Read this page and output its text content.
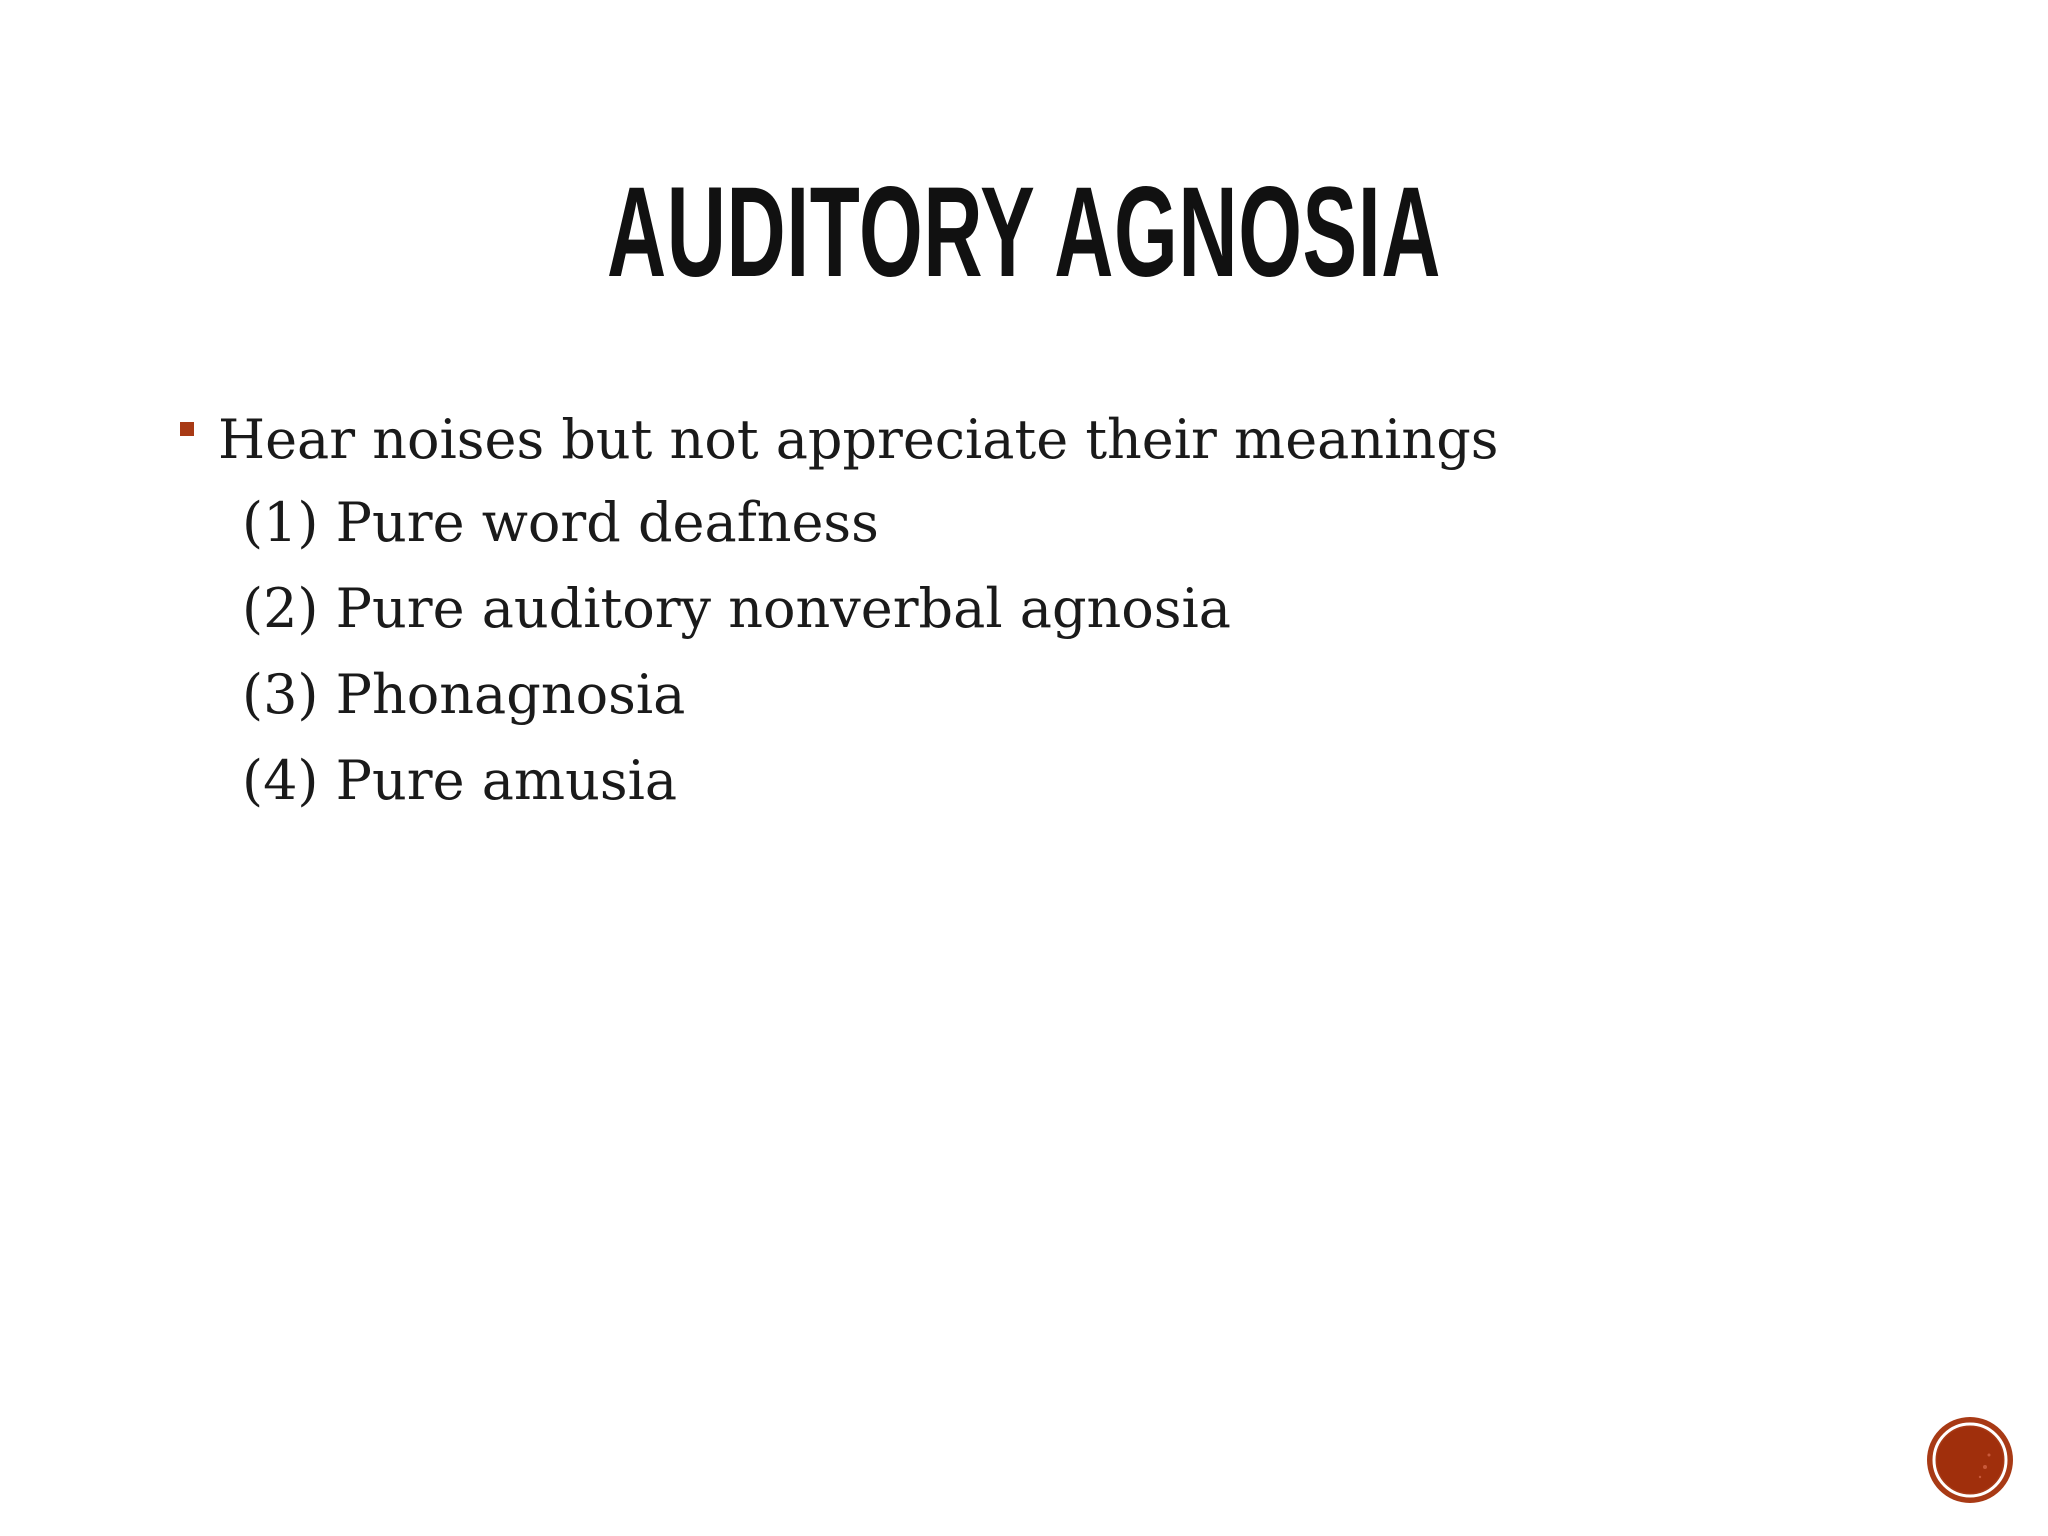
AUDITORY AGNOSIA
Hear noises but not appreciate their meanings
(1) Pure word deafness
(2) Pure auditory nonverbal agnosia
(3) Phonagnosia
(4) Pure amusia
